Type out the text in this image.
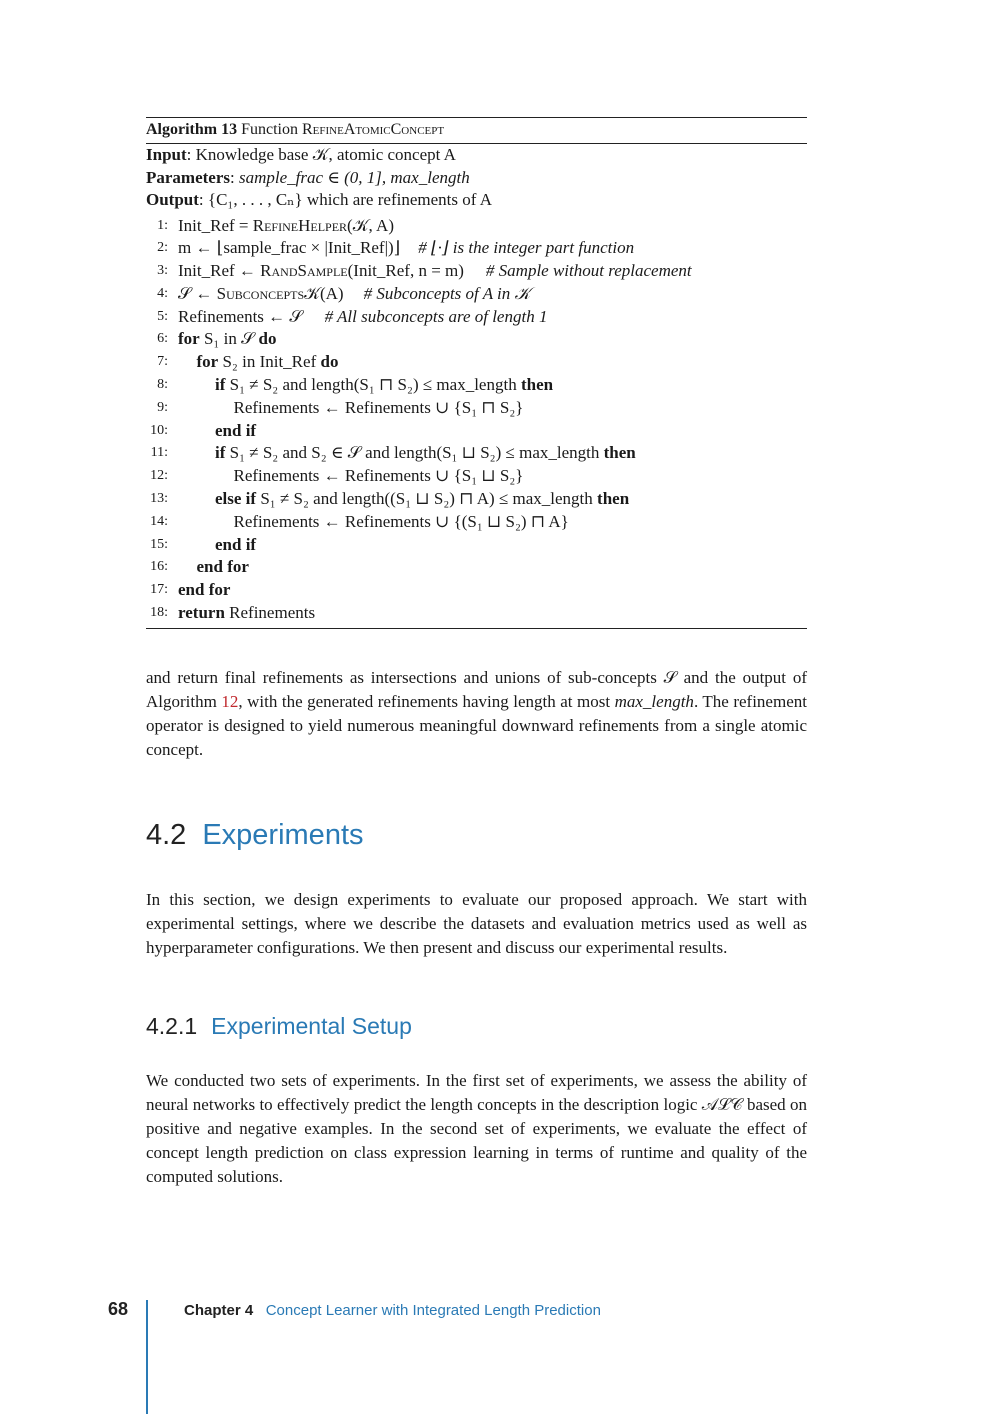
Algorithm 13 Function RefineAtomicConcept
Input: Knowledge base 𝒦, atomic concept A
Parameters: sample_frac ∈ (0, 1], max_length
Output: {C₁, . . . , Cₙ} which are refinements of A
1: Init_Ref = RefineHelper(𝒦, A)
2: m ← ⌊sample_frac × |Init_Ref|)⌋ # ⌊·⌋ is the integer part function
3: Init_Ref ← RandSample(Init_Ref, n = m) # Sample without replacement
4: 𝒮 ← Subconcepts𝒦(A) # Subconcepts of A in 𝒦
5: Refinements ← 𝒮 # All subconcepts are of length 1
6: for S₁ in 𝒮 do
7: for S₂ in Init_Ref do
8:	if S₁ ≠ S₂ and length(S₁ ⊓ S₂) ≤ max_length then
9:	Refinements ← Refinements ∪ {S₁ ⊓ S₂}
10:	end if
11:	if S₁ ≠ S₂ and S₂ ∈ 𝒮 and length(S₁ ⊔ S₂) ≤ max_length then
12:	Refinements ← Refinements ∪ {S₁ ⊔ S₂}
13:	else if S₁ ≠ S₂ and length((S₁ ⊔ S₂) ⊓ A) ≤ max_length then
14:	Refinements ← Refinements ∪ {(S₁ ⊔ S₂) ⊓ A}
15:	end if
16: end for
17: end for
18: return Refinements

and return final refinements as intersections and unions of sub-concepts 𝒮 and the output of Algorithm 12, with the generated refinements having length at most max_length. The refinement operator is designed to yield numerous meaningful downward refinements from a single atomic concept.

4.2 Experiments

In this section, we design experiments to evaluate our proposed approach. We start with experimental settings, where we describe the datasets and evaluation metrics used as well as hyperparameter configurations. We then present and discuss our experimental results.

4.2.1 Experimental Setup

We conducted two sets of experiments. In the first set of experiments, we assess the ability of neural networks to effectively predict the length concepts in the description logic 𝒜ℒ𝒞 based on positive and negative examples. In the second set of experiments, we evaluate the effect of concept length prediction on class expression learning in terms of runtime and quality of the computed solutions.

68	Chapter 4 Concept Learner with Integrated Length Prediction
